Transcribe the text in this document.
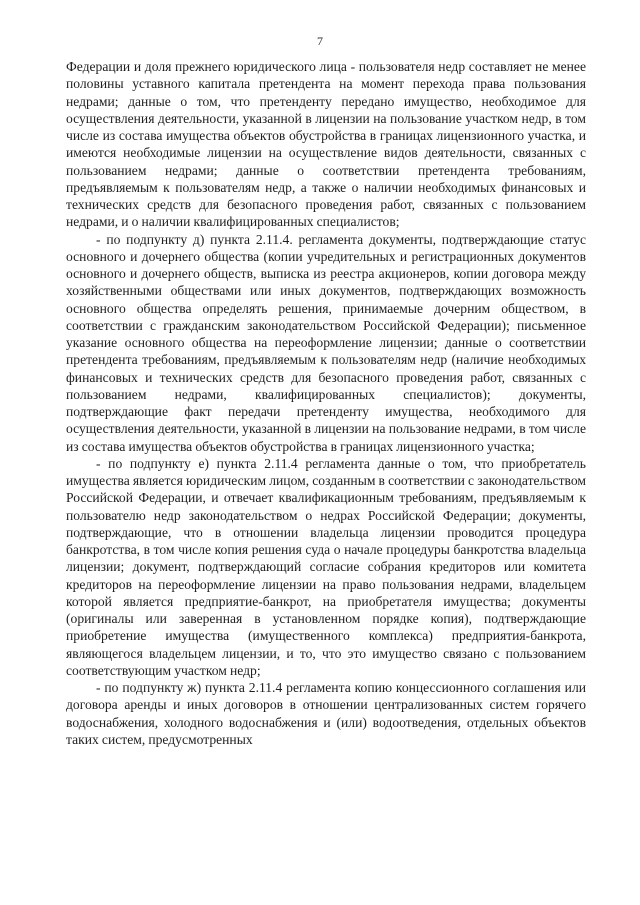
7

Федерации и доля прежнего юридического лица - пользователя недр составляет не менее половины уставного капитала претендента на момент перехода права пользования недрами; данные о том, что претенденту передано имущество, необходимое для осуществления деятельности, указанной в лицензии на пользование участком недр, в том числе из состава имущества объектов обустройства в границах лицензионного участка, и имеются необходимые лицензии на осуществление видов деятельности, связанных с пользованием недрами; данные о соответствии претендента требованиям, предъявляемым к пользователям недр, а также о наличии необходимых финансовых и технических средств для безопасного проведения работ, связанных с пользованием недрами, и о наличии квалифицированных специалистов;

- по подпункту д) пункта 2.11.4. регламента документы, подтверждающие статус основного и дочернего общества (копии учредительных и регистрационных документов основного и дочернего обществ, выписка из реестра акционеров, копии договора между хозяйственными обществами или иных документов, подтверждающих возможность основного общества определять решения, принимаемые дочерним обществом, в соответствии с гражданским законодательством Российской Федерации); письменное указание основного общества на переоформление лицензии; данные о соответствии претендента требованиям, предъявляемым к пользователям недр (наличие необходимых финансовых и технических средств для безопасного проведения работ, связанных с пользованием недрами, квалифицированных специалистов); документы, подтверждающие факт передачи претенденту имущества, необходимого для осуществления деятельности, указанной в лицензии на пользование недрами, в том числе из состава имущества объектов обустройства в границах лицензионного участка;

- по подпункту е) пункта 2.11.4 регламента данные о том, что приобретатель имущества является юридическим лицом, созданным в соответствии с законодательством Российской Федерации, и отвечает квалификационным требованиям, предъявляемым к пользователю недр законодательством о недрах Российской Федерации; документы, подтверждающие, что в отношении владельца лицензии проводится процедура банкротства, в том числе копия решения суда о начале процедуры банкротства владельца лицензии; документ, подтверждающий согласие собрания кредиторов или комитета кредиторов на переоформление лицензии на право пользования недрами, владельцем которой является предприятие-банкрот, на приобретателя имущества; документы (оригиналы или заверенная в установленном порядке копия), подтверждающие приобретение имущества (имущественного комплекса) предприятия-банкрота, являющегося владельцем лицензии, и то, что это имущество связано с пользованием соответствующим участком недр;

- по подпункту ж) пункта 2.11.4 регламента копию концессионного соглашения или договора аренды и иных договоров в отношении централизованных систем горячего водоснабжения, холодного водоснабжения и (или) водоотведения, отдельных объектов таких систем, предусмотренных
